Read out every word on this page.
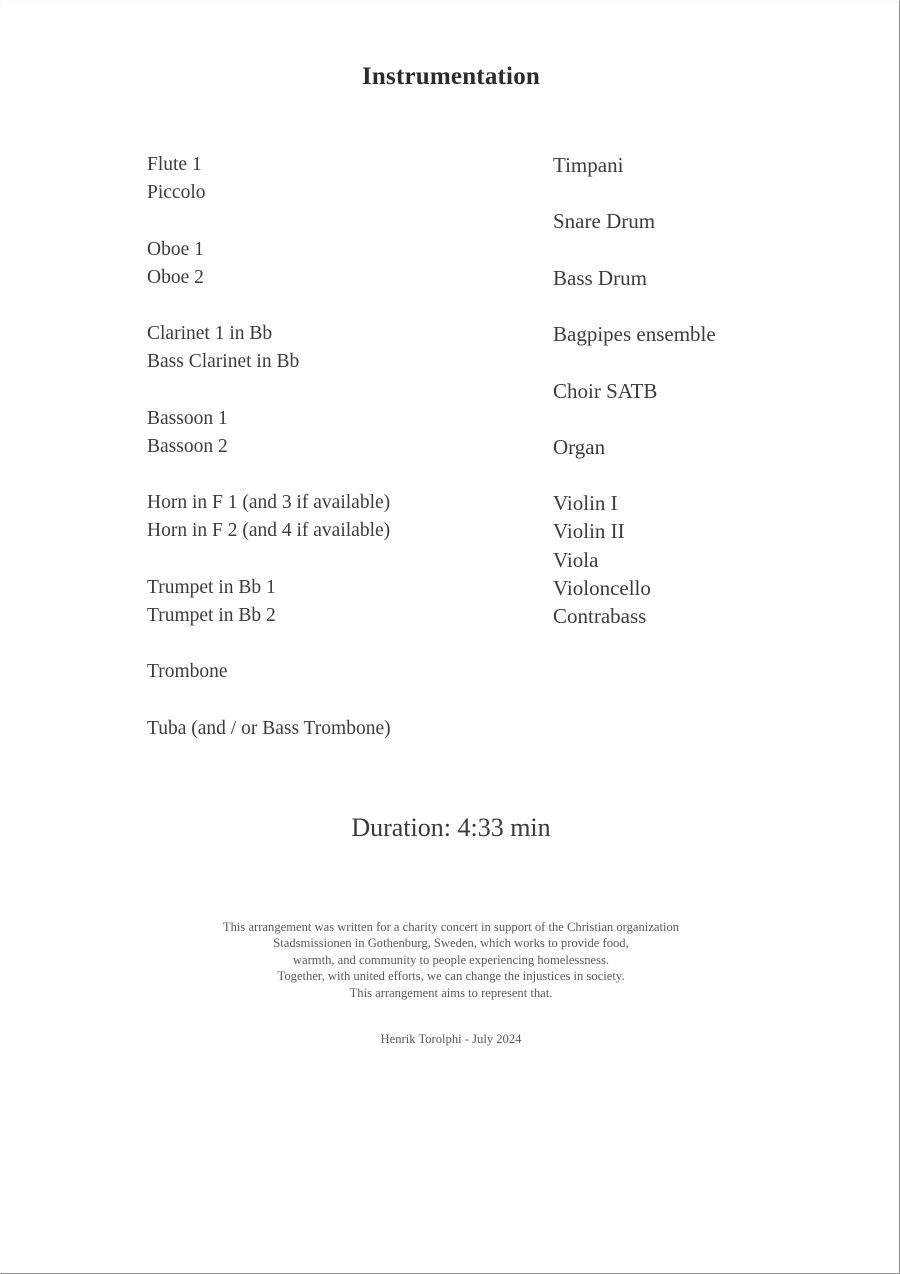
Instrumentation
Flute 1
Piccolo

Oboe 1
Oboe 2

Clarinet 1 in Bb
Bass Clarinet in Bb

Bassoon 1
Bassoon 2

Horn in F 1 (and 3 if available)
Horn in F 2 (and 4 if available)

Trumpet in Bb 1
Trumpet in Bb 2

Trombone

Tuba (and / or Bass Trombone)
Timpani

Snare Drum

Bass Drum

Bagpipes ensemble

Choir SATB

Organ

Violin I
Violin II
Viola
Violoncello
Contrabass
Duration: 4:33 min
This arrangement was written for a charity concert in support of the Christian organization
Stadsmissionen in Gothenburg, Sweden, which works to provide food,
warmth, and community to people experiencing homelessness.
Together, with united efforts, we can change the injustices in society.
This arrangement aims to represent that.
Henrik Torolphi - July 2024
